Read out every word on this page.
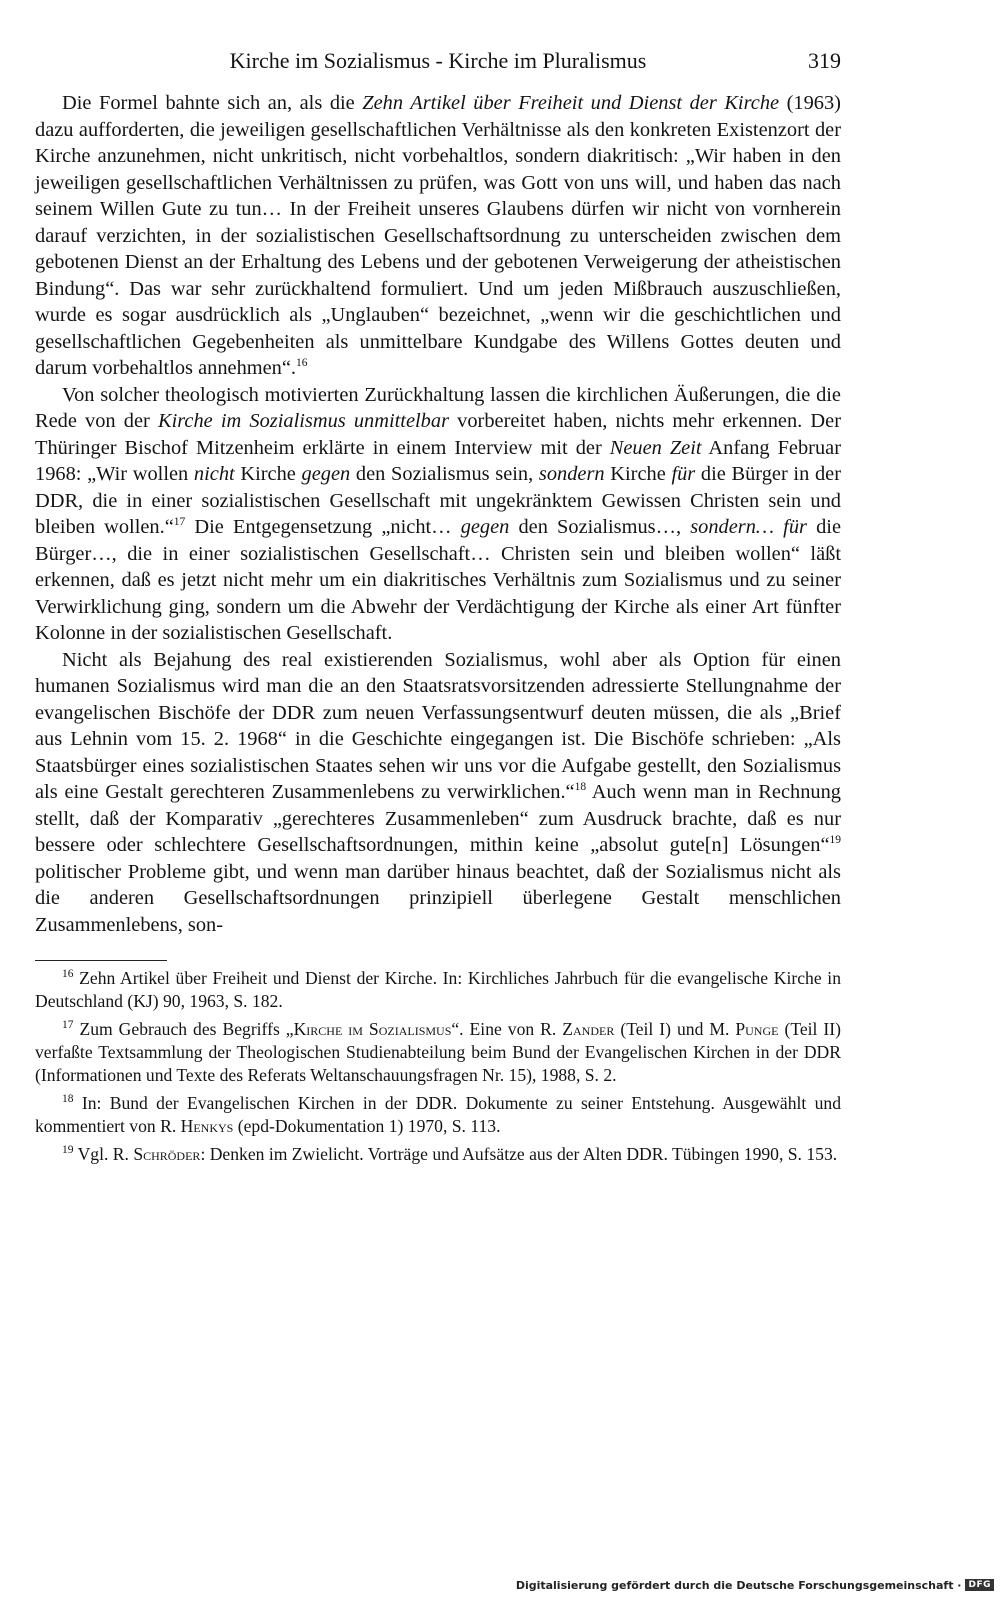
Kirche im Sozialismus - Kirche im Pluralismus	319

Die Formel bahnte sich an, als die Zehn Artikel über Freiheit und Dienst der Kirche (1963) dazu aufforderten, die jeweiligen gesellschaftlichen Verhältnisse als den konkreten Existenzort der Kirche anzunehmen, nicht unkritisch, nicht vorbehaltlos, sondern diakritisch: „Wir haben in den jeweiligen gesellschaftlichen Verhältnissen zu prüfen, was Gott von uns will, und haben das nach seinem Willen Gute zu tun… In der Freiheit unseres Glaubens dürfen wir nicht von vornherein darauf verzichten, in der sozialistischen Gesellschaftsordnung zu unterscheiden zwischen dem gebotenen Dienst an der Erhaltung des Lebens und der gebotenen Verweigerung der atheistischen Bindung“. Das war sehr zurückhaltend formuliert. Und um jeden Mißbrauch auszuschließen, wurde es sogar ausdrücklich als „Unglauben“ bezeichnet, „wenn wir die geschichtlichen und gesellschaftlichen Gegebenheiten als unmittelbare Kundgabe des Willens Gottes deuten und darum vorbehaltlos annehmen“.$^{16}$

Von solcher theologisch motivierten Zurückhaltung lassen die kirchlichen Äußerungen, die die Rede von der Kirche im Sozialismus unmittelbar vorbereitet haben, nichts mehr erkennen. Der Thüringer Bischof Mitzenheim erklärte in einem Interview mit der Neuen Zeit Anfang Februar 1968: „Wir wollen nicht Kirche gegen den Sozialismus sein, sondern Kirche für die Bürger in der DDR, die in einer sozialistischen Gesellschaft mit ungekränktem Gewissen Christen sein und bleiben wollen.“$^{17}$ Die Entgegensetzung „nicht… gegen den Sozialismus…, sondern… für die Bürger…, die in einer sozialistischen Gesellschaft… Christen sein und bleiben wollen“ läßt erkennen, daß es jetzt nicht mehr um ein diakritisches Verhältnis zum Sozialismus und zu seiner Verwirklichung ging, sondern um die Abwehr der Verdächtigung der Kirche als einer Art fünfter Kolonne in der sozialistischen Gesellschaft.

Nicht als Bejahung des real existierenden Sozialismus, wohl aber als Option für einen humanen Sozialismus wird man die an den Staatsratsvorsitzenden adressierte Stellungnahme der evangelischen Bischöfe der DDR zum neuen Verfassungsentwurf deuten müssen, die als „Brief aus Lehnin vom 15. 2. 1968“ in die Geschichte eingegangen ist. Die Bischöfe schrieben: „Als Staatsbürger eines sozialistischen Staates sehen wir uns vor die Aufgabe gestellt, den Sozialismus als eine Gestalt gerechteren Zusammenlebens zu verwirklichen.“$^{18}$ Auch wenn man in Rechnung stellt, daß der Komparativ „gerechteres Zusammenleben“ zum Ausdruck brachte, daß es nur bessere oder schlechtere Gesellschaftsordnungen, mithin keine „absolut gute[n] Lösungen“$^{19}$ politischer Probleme gibt, und wenn man darüber hinaus beachtet, daß der Sozialismus nicht als die anderen Gesellschaftsordnungen prinzipiell überlegene Gestalt menschlichen Zusammenlebens, son-

$^{16}$ Zehn Artikel über Freiheit und Dienst der Kirche. In: Kirchliches Jahrbuch für die evangelische Kirche in Deutschland (KJ) 90, 1963, S. 182.

$^{17}$ Zum Gebrauch des Begriffs „Kirche im Sozialismus“. Eine von R. Zander (Teil I) und M. Punge (Teil II) verfaßte Textsammlung der Theologischen Studienabteilung beim Bund der Evangelischen Kirchen in der DDR (Informationen und Texte des Referats Weltanschauungsfragen Nr. 15), 1988, S. 2.

$^{18}$ In: Bund der Evangelischen Kirchen in der DDR. Dokumente zu seiner Entstehung. Ausgewählt und kommentiert von R. Henkys (epd-Dokumentation 1) 1970, S. 113.

$^{19}$ Vgl. R. Schröder: Denken im Zwielicht. Vorträge und Aufsätze aus der Alten DDR. Tübingen 1990, S. 153.

Digitalisierung gefördert durch die Deutsche Forschungsgemeinschaft · DFG
